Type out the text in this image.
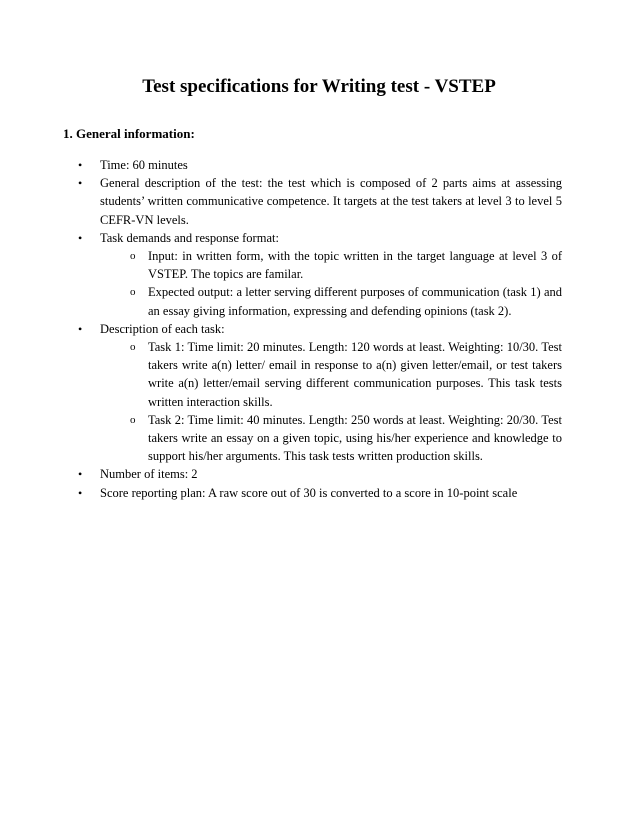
Test specifications for Writing test - VSTEP
1. General information:
• Time: 60 minutes
• General description of the test: the test which is composed of 2 parts aims at assessing students’ written communicative competence. It targets at the test takers at level 3 to level 5 CEFR-VN levels.
• Task demands and response format:
o Input: in written form, with the topic written in the target language at level 3 of VSTEP. The topics are familar.
o Expected output: a letter serving different purposes of communication (task 1) and an essay giving information, expressing and defending opinions (task 2).
• Description of each task:
o Task 1: Time limit: 20 minutes. Length: 120 words at least. Weighting: 10/30. Test takers write a(n) letter/ email in response to a(n) given letter/email, or test takers write a(n) letter/email serving different communication purposes. This task tests written interaction skills.
o Task 2: Time limit: 40 minutes. Length: 250 words at least. Weighting: 20/30. Test takers write an essay on a given topic, using his/her experience and knowledge to support his/her arguments. This task tests written production skills.
• Number of items: 2
• Score reporting plan: A raw score out of 30 is converted to a score in 10-point scale
